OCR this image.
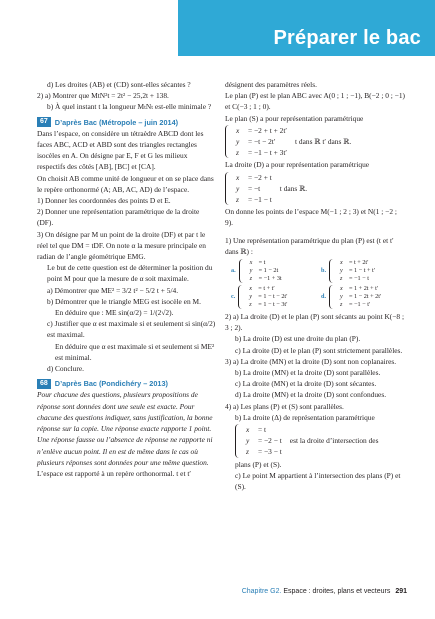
Préparer le bac

d) Les droites (AB) et (CD) sont-elles sécantes ?

2) a) Montrer que MtN²t = 2t² − 25,2t + 138.

b) À quel instant t la longueur MₜNₜ est-elle minimale ?

67 D’après Bac (Métropole – juin 2014)

Dans l’espace, on considère un tétraèdre ABCD dont les faces ABC, ACD et ABD sont des triangles rectangles isocèles en A. On désigne par E, F et G les milieux respectifs des côtés [AB], [BC] et [CA].

On choisit AB comme unité de longueur et on se place dans le repère orthonormé (A; AB, AC, AD) de l’espace.

1) Donner les coordonnées des points D et E.

2) Donner une représentation paramétrique de la droite (DF).

3) On désigne par M un point de la droite (DF) et par t le réel tel que DM = tDF. On note α la mesure principale en radian de l’angle géométrique EMG.

Le but de cette question est de déterminer la position du point M pour que la mesure de α soit maximale.

a) Démontrer que ME² = 3/2 t² − 5/2 t + 5/4.

b) Démontrer que le triangle MEG est isocèle en M.

En déduire que : ME sin(α/2) = 1/(2√2).

c) Justifier que α est maximale si et seulement si sin(α/2) est maximal.

En déduire que α est maximale si et seulement si ME² est minimal.

d) Conclure.

68 D’après Bac (Pondichéry – 2013)

Pour chacune des questions, plusieurs propositions de réponse sont données dont une seule est exacte. Pour chacune des questions indiquer, sans justification, la bonne réponse sur la copie. Une réponse exacte rapporte 1 point.

Une réponse fausse ou l’absence de réponse ne rapporte ni n’enlève aucun point. Il en est de même dans le cas où plusieurs réponses sont données pour une même question.

L’espace est rapporté à un repère orthonormal. t et t′

désignent des paramètres réels.

Le plan (P) est le plan ABC avec A(0 ; 1 ; −1), B(−2 ; 0 ; −1) et C(−3 ; 1 ; 0).

Le plan (S) a pour représentation paramétrique

x	= −2 + t + 2t′
y	= −t − 2t′
z	= −1 − t + 3t′
t dans ℝ t′ dans ℝ.

La droite (D) a pour représentation paramétrique

x	= −2 + t
y	= −t
z	= −1 − t
t dans ℝ.

On donne les points de l’espace M(−1 ; 2 ; 3) et N(1 ; −2 ; 9).

1) Une représentation paramétrique du plan (P) est (t et t′ dans ℝ) :

a.
x	= t
y	= 1 − 2t
z	= −1 + 3t
b.
x	= t + 2t′
y	= 1 − t + t′
z	= −1 − t
c.
x	= t + t′
y	= 1 − t − 2t′
z	= 1 − t − 3t′
d.
x	= 1 + 2t + t′
y	= 1 − 2t + 2t′
z	= −1 − t′

2) a) La droite (D) et le plan (P) sont sécants au point K(−8 ; 3 ; 2).

b) La droite (D) est une droite du plan (P).

c) La droite (D) et le plan (P) sont strictement parallèles.

3) a) La droite (MN) et la droite (D) sont non coplanaires.

b) La droite (MN) et la droite (D) sont parallèles.

c) La droite (MN) et la droite (D) sont sécantes.

d) La droite (MN) et la droite (D) sont confondues.

4) a) Les plans (P) et (S) sont parallèles.

b) La droite (Δ) de représentation paramétrique

x	= t
y	= −2 − t
z	= −3 − t
est la droite d’intersection des

plans (P) et (S).

c) Le point M appartient à l’intersection des plans (P) et (S).

Chapitre G2. Espace : droites, plans et vecteurs 291
